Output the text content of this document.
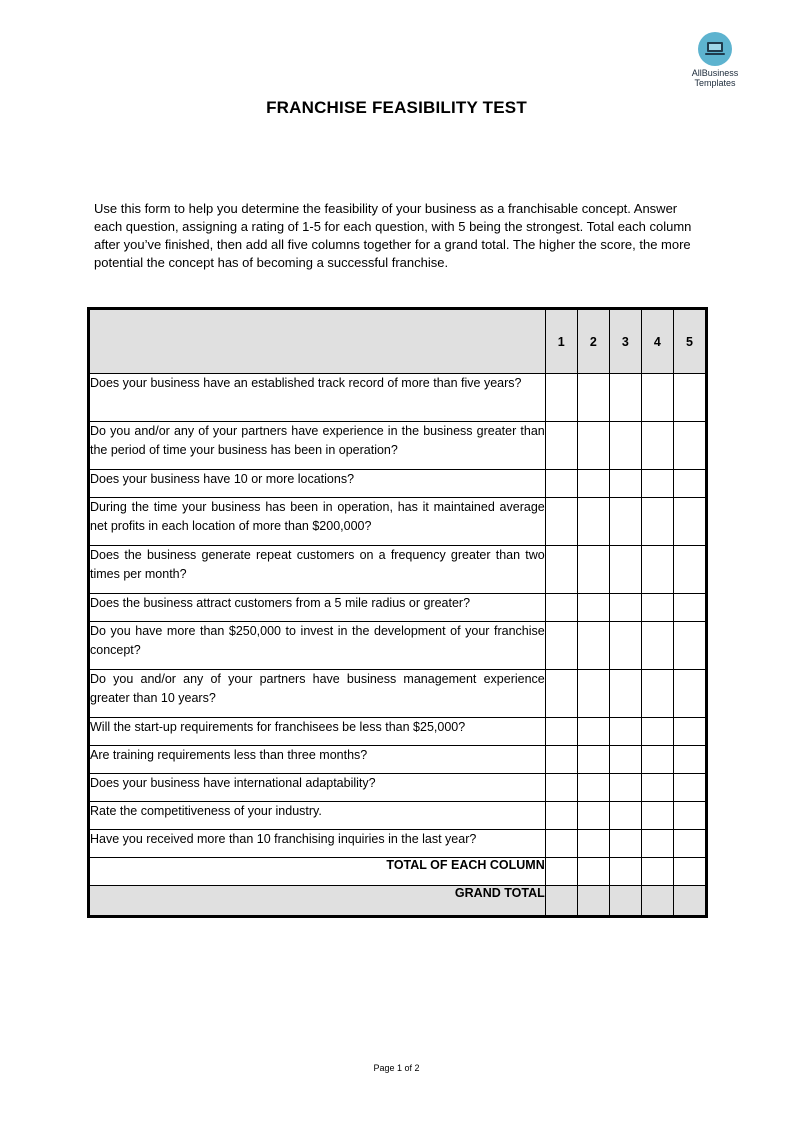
AllBusiness
Templates
FRANCHISE FEASIBILITY TEST
Use this form to help you determine the feasibility of your business as a franchisable concept. Answer each question, assigning a rating of 1-5 for each question, with 5 being the strongest. Total each column after you’ve finished, then add all five columns together for a grand total. The higher the score, the more potential the concept has of becoming a successful franchise.
	1	2	3	4	5
Does your business have an established track record of more than five years?					
Do you and/or any of your partners have experience in the business greater than the period of time your business has been in operation?					
Does your business have 10 or more locations?					
During the time your business has been in operation, has it maintained average net profits in each location of more than $200,000?					
Does the business generate repeat customers on a frequency greater than two times per month?					
Does the business attract customers from a 5 mile radius or greater?					
Do you have more than $250,000 to invest in the development of your franchise concept?					
Do you and/or any of your partners have business management experience greater than 10 years?					
Will the start-up requirements for franchisees be less than $25,000?					
Are training requirements less than three months?					
Does your business have international adaptability?					
Rate the competitiveness of your industry.					
Have you received more than 10 franchising inquiries in the last year?					
TOTAL OF EACH COLUMN					
GRAND TOTAL					
Page 1 of 2
